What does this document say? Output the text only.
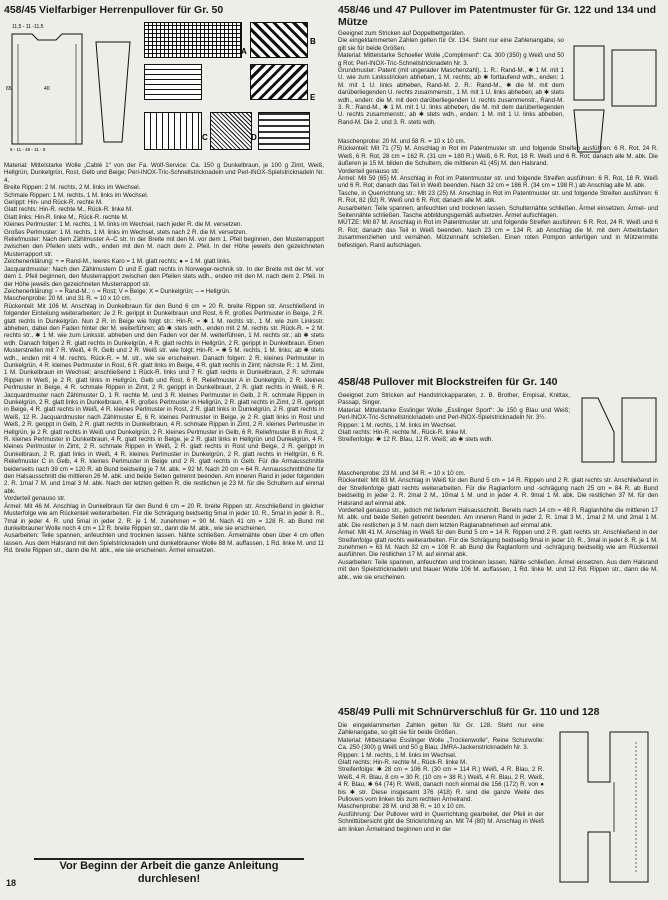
458/45 Vielfarbiger Herrenpullover für Gr. 50
11,5 - 11 -11,5
65	40
5 - 11 - 48 - 11 - 5
A
B
C	D
E

Material: Mittelstarke Wolle „Cablé 1“ von der Fa. Wolf-Service: Ca. 150 g Dunkelbraun, je 100 g Zimt, Weiß, Hellgrün, Dunkelgrün, Rost, Gelb und Beige; Perl-INOX-Tric-Schnellstricknadeln und Perl-INOX-Spielstricknadeln Nr. 4.

Breite Rippen: 2 M. rechts, 2 M. links im Wechsel.

Schmale Rippen: 1 M. rechts, 1 M. links im Wechsel.

Gerippt: Hin- und Rück-R. rechte M.

Glatt rechts: Hin-R. rechte M., Rück-R. linke M.

Glatt links: Hin-R. linke M., Rück-R. rechte M.

Kleines Perlmuster: 1 M. rechts, 1 M. links im Wechsel, nach jeder R. die M. versetzen.

Großes Perlmuster: 1 M. rechts, 1 M. links im Wechsel, stets nach 2 R. die M. versetzen.

Reliefmuster: Nach dem Zählmuster A–C str. In der Breite mit den M. vor dem 1. Pfeil beginnen, den Musterrapport zwischen den Pfeilen stets wdh., enden mit den M. nach dem 2. Pfeil. In der Höhe jeweils den gezeichneten Musterrapport str.

Zeichenerklärung: + = Rand-M., leeres Karo = 1 M. glatt rechts; ● = 1 M. glatt links.

Jacquardmuster: Nach den Zählmustern D und E glatt rechts in Norweger-technik str. In der Breite mit der M. vor dem 1. Pfeil beginnen, den Musterrapport zwischen den Pfeilen stets wdh., enden mit den M. nach dem 2. Pfeil. In der Höhe jeweils den gezeichneten Musterrapport str.

Zeichenerklärung: ▫ = Rand-M.; ○ = Rost; V = Beige; X = Dunkelgrün; – = Hellgrün.

Maschenprobe: 20 M. und 31 R. = 10 x 10 cm.

Rückenteil: Mit 106 M. Anschlag in Dunkelbraun für den Bund 6 cm = 20 R. breite Rippen str. Anschließend in folgender Einteilung weiterarbeiten: Je 2 R. gerippt in Dunkelbraun und Rost, 6 R. großes Perlmuster in Beige, 2 R. glatt rechts in Dunkelgrün. Nun 2 R. in Beige wie folgt str.: Hin-R. = ✱ 1 M. rechts str., 1 M. wie zum Linksstr. abheben, dabei den Faden hinter der M. weiterführen; ab ✱ stets wdh., enden mit 2 M. rechts str. Rück-R. = 2 M. rechts str., ✱ 1 M. wie zum Linksstr. abheben und den Faden vor der M. weiterführen, 1 M. rechts str.; ab ✱ stets wdh. Danach folgen 2 R. glatt rechts in Dunkelgrün, 4 R. glatt rechts in Hellgrün, 2 R. gerippt in Dunkelbraun. Einen Musterstreifen mit 7 R. Weiß, 4 R. Gelb und 2 R. Weiß str. wie folgt: Hin-R. = ✱ 5 M. rechts, 1 M. links; ab ✱ stets wdh., enden mit 4 M. rechts. Rück-R. = M. str., wie sie erscheinen. Danach folgen: 2 R. kleines Perlmuster in Dunkelgrün, 4 R. kleines Perlmuster in Rost, 6 R. glatt links im Beige, 4 R. glatt rechts in Zimt; nächste R.: 1 M. Zimt, 1 M. Dunkelbraun im Wechsel; anschließend 1 Rück-R. links und 7 R. glatt rechts in Dunkelbraun, 2 R. schmale Rippen in Weiß, je 2 R. glatt links in Hellgrün, Gelb und Rost, 6 R. Reliefmuster A in Dunkelgrün, 2 R. kleines Perlmuster in Beige, 4 R. schmale Rippen in Zimt, 2 R. gerippt in Dunkelbraun, 2 R. glatt rechts in Weiß, 6 R. Jacquardmuster nach Zählmuster D, 1 R. rechte M. und 3 R. kleines Perlmuster in Gelb, 2 R. schmale Rippen in Dunkelgrün, 2 R. glatt links in Dunkelbraun, 4 R. großes Perlmuster in Hellgrün, 2 R. glatt rechts in Zimt, 2 R. gerippt in Beige, 4 R. glatt rechts in Weiß, 4 R. kleines Perlmuster in Rost, 2 R. glatt links in Dunkelgrün, 2 R. glatt rechts in Weiß, 12 R. Jacquardmuster nach Zählmuster E, 6 R. kleines Perlmuster in Beige, je 2 R. glatt links in Rost und Weiß, 2 R. gerippt in Gelb, 2 R. glatt rechts in Dunkelbraun, 4 R. schmale Rippen in Zimt, 2 R. kleines Perlmuster in Hellgrün, je 2 R. glatt rechts in Weiß und Dunkelgrün, 2 R. kleines Perlmuster in Gelb, 6 R. Reliefmuster B in Rost, 2 R. kleines Perlmuster in Dunkelbraun, 4 R. glatt rechts in Beige, je 2 R. glatt links in Hellgrün und Dunkelgrün, 4 R. kleines Perlmuster in Zimt, 2 R. schmale Rippen in Weiß, 2 R. glatt rechts in Rost und Beige, 2 R. gerippt in Dunkelbraun, 2 R. glatt links in Weiß, 4 R. kleines Perlmuster in Dunkelgrün, 2 R. glatt rechts in Hellgrün, 6 R. Reliefmuster C in Gelb, 4 R. kleines Perlmuster in Beige und 2 R. glatt rechts in Gelb. Für die Armausschnitte beiderseits nach 39 cm = 120 R. ab Bund beidseitig je 7 M. abk. = 92 M. Nach 20 cm = 64 R. Armausschnitthöhe für den Halsausschnitt die mittleren 26 M. abk. und beide Seiten getrennt beenden. Am inneren Rand in jeder folgenden 2. R. 1mal 7 M. und 1mal 3 M. abk. Nach der letzten gelben R. die restlichen je 23 M. für die Schultern auf einmal abk.

Vorderteil genauso str.

Ärmel: Mit 46 M. Anschlag in Dunkelbraun für den Bund 6 cm = 20 R. breite Rippen str. Anschließend in gleicher Musterfolge wie am Rückenteil weiterarbeiten. Für die Schrägung beidseitig 5mal in jeder 10. R., 5mal in jeder 8. R., 7mal in jeder 4. R. und 5mal in jeder 2. R. je 1 M. zunehmen = 90 M. Nach 41 cm = 128 R. ab Bund mit dunkelbrauner Wolle noch 4 cm = 12 R. breite Rippen str., dann die M. abk., wie sie erscheinen.

Ausarbeiten: Teile spannen, anfeuchten und trocknen lassen. Nähte schließen. Ärmelnähte oben über 4 cm offen lassen. Aus dem Halsrand mit den Spielstricknadeln und dunkelbrauner Wolle 88 M. auffassen, 1 Rd. linke M. und 11 Rd. breite Rippen str., dann die M. abk., wie sie erscheinen. Ärmel einsetzen.

Vor Beginn der Arbeit die ganze Anleitung durchlesen!
18
458/46 und 47 Pullover im Patentmuster für Gr. 122 und 134 und Mütze

Geeignet zum Stricken auf Doppelbettgeräten.

Die eingeklammerten Zahlen gelten für Gr. 134. Steht nur eine Zahlenangabe, so gilt sie für beide Größen.

Material: Mittelstarke Schoeller Wolle „Compliment“: Ca. 300 (350) g Weiß und 50 g Rot; Perl-INOX-Tric-Schnellstricknadeln Nr. 3.

Grundmuster: Patent (mit ungerader Maschenzahl). 1. R.: Rand-M., ✱ 1 M. mit 1 U. wie zum Linksstricken abheben, 1 M. rechts; ab ✱ fortlaufend wdh., enden: 1 M. mit 1 U. links abheben, Rand-M. 2. R.: Rand-M., ✱ die M. mit dem darüberliegenden U. rechts zusammenstr., 1 M. mit 1 U. links abheben; ab ✱ stets wdh., enden: die M. mit dem darüberliegenden U. rechts zusammenstr., Rand-M. 3. R.: Rand-M., ✱ 1 M. mit 1 U. links abheben, die M. mit dem darüberliegenden U. rechts zusammenstr.; ab ✱ stets wdh., enden: 1 M. mit 1 U. links abheben, Rand-M. Die 2. und 3. R. stets wdh.

Maschenprobe: 20 M. und 58 R. = 10 x 10 cm.

Rückenteil: Mit 71 (75) M. Anschlag in Rot im Patentmuster str. und folgende Streifen ausführen: 6 R. Rot, 24 R. Weiß, 6 R. Rot, 28 cm = 162 R. (31 cm = 180 R.) Weiß, 6 R. Rot, 18 R. Weiß und 6 R. Rot; danach alle M. abk. Die äußeren je 15 M. bilden die Schultern, die mittleren 41 (45) M. den Halsrand.

Vorderteil genauso str.

Ärmel: Mit 59 (65) M. Anschlag in Rot im Patentmuster str. und folgende Streifen ausführen: 6 R. Rot, 18 R. Weiß und 6 R. Rot; danach das Teil in Weiß beenden. Nach 32 cm = 186 R. (34 cm = 198 R.) ab Anschlag alle M. abk.

Tasche, in Querrichtung str.: Mit 23 (25) M. Anschlag in Rot im Patentmuster str. und folgende Streifen ausführen: 6 R. Rot, 82 (92) R. Weiß und 6 R. Rot; danach alle M. abk.

Ausarbeiten: Teile spannen, anfeuchten und trocknen lassen. Schulternähte schließen. Ärmel einsetzen. Ärmel- und Seitennähte schließen. Tasche abbildungsgemäß aufsetzen. Ärmel aufschlagen.

MÜTZE: Mit 87 M. Anschlag in Rot im Patentmuster str. und folgende Streifen ausführen: 6 R. Rot, 24 R. Weiß und 6 R. Rot; danach das Teil in Weiß beenden. Nach 23 cm = 134 R. ab Anschlag die M. mit dem Arbeitsfaden zusammenziehen und vernähen. Mützennaht schließen. Einen roten Pompon anfertigen und in Mützenmitte befestigen. Rand aufschlagen.

458/48 Pullover mit Blockstreifen für Gr. 140

Geeignet zum Stricken auf Handstrickapparaten, z. B. Brother, Empisal, Knittax, Passap, Singer.

Material: Mittelstarke Esslinger Wolle „Esslinger Sport“: Je 150 g Blau und Weiß; Perl-INOX-Tric-Schnellstricknadeln und Perl-INOX-Spielstricknadeln Nr. 3½.

Rippen: 1 M. rechts, 1 M. links im Wechsel.

Glatt rechts: Hin-R. rechte M., Rück-R. linke M.

Streifenfolge: ✱ 12 R. Blau, 12 R. Weiß; ab ✱ stets wdh.

Maschenprobe: 23 M. und 34 R. = 10 x 10 cm.

Rückenteil: Mit 83 M. Anschlag in Weiß für den Bund 5 cm = 14 R. Rippen und 2 R. glatt rechts str. Anschließend in der Streifenfolge glatt rechts weiterarbeiten. Für die Raglanform und -schrägung nach 25 cm = 84 R. ab Bund beidseitig in jeder 2. R. 2mal 2 M., 10mal 1 M. und in jeder 4. R. 9mal 1 M. abk. Die restlichen 37 M. für den Halsrand auf einmal abk.

Vorderteil genauso str., jedoch mit tieferem Halsausschnitt. Bereits nach 14 cm = 48 R. Raglanhöhe die mittleren 17 M. abk. und beide Seiten getrennt beenden. Am inneren Rand in jeder 2. R. 1mal 3 M., 1mal 2 M. und 2mal 1 M. abk. Die restlichen je 3 M. nach dem letzten Raglanabnehmen auf einmal abk.

Ärmel: Mit 41 M. Anschlag in Weiß für den Bund 5 cm = 14 R. Rippen und 2 R. glatt rechts str. Anschließend in der Streifenfolge glatt rechts weiterarbeiten. Für die Schrägung beidseitig 9mal in jeder 10. R., 3mal in jeder 8. R. je 1 M. zunehmen = 63 M. Nach 32 cm = 108 R. ab Bund die Raglanform und -schrägung beidseitig wie am Rückenteil ausführen. Die restlichen 17 M. auf einmal abk.

Ausarbeiten: Teile spannen, anfeuchten und trocknen lassen. Nähte schließen. Ärmel einsetzen. Aus dem Halsrand mit den Spielstricknadeln und blauer Wolle 106 M. auffassen, 1 Rd. linke M. und 12 Rd. Rippen str., dann die M. abk., wie sie erscheinen.

458/49 Pulli mit Schnürverschluß für Gr. 110 und 128

Die eingeklammerten Zahlen gelten für Gr. 128. Steht nur eine Zahlenangabe, so gilt sie für beide Größen.

Material: Mittelstarke Esslinger Wolle „Trockenwolle“, Reine Schurwolle: Ca. 250 (300) g Weiß und 50 g Blau; JMRA-Jackenstricknadeln Nr. 3.

Rippen: 1 M. rechts, 1 M. links im Wechsel.

Glatt rechts: Hin-R. rechte M., Rück-R. linke M.

Streifenfolge: ✱ 28 cm = 106 R. (30 cm = 114 R.) Weiß, 4 R. Blau, 2 R. Weiß, 4 R. Blau, 8 cm = 30 R. (10 cm = 38 R.) Weiß, 4 R. Blau, 2 R. Weiß, 4 R. Blau, ✱ 64 (74) R. Weiß, danach noch einmal die 156 (172) R. von ● bis ✱ str. Diese insgesamt 376 (418) R. sind die ganze Weite des Pullovers vom linken bis zum rechten Ärmelrand.

Maschenprobe: 28 M. und 38 R. = 10 x 10 cm.

Ausführung: Der Pullover wird in Querrichtung gearbeitet, der Pfeil in der Schnittübersicht gibt die Strickrichtung an. Mit 74 (80) M. Anschlag in Weiß am linken Ärmelrand beginnen und in der
